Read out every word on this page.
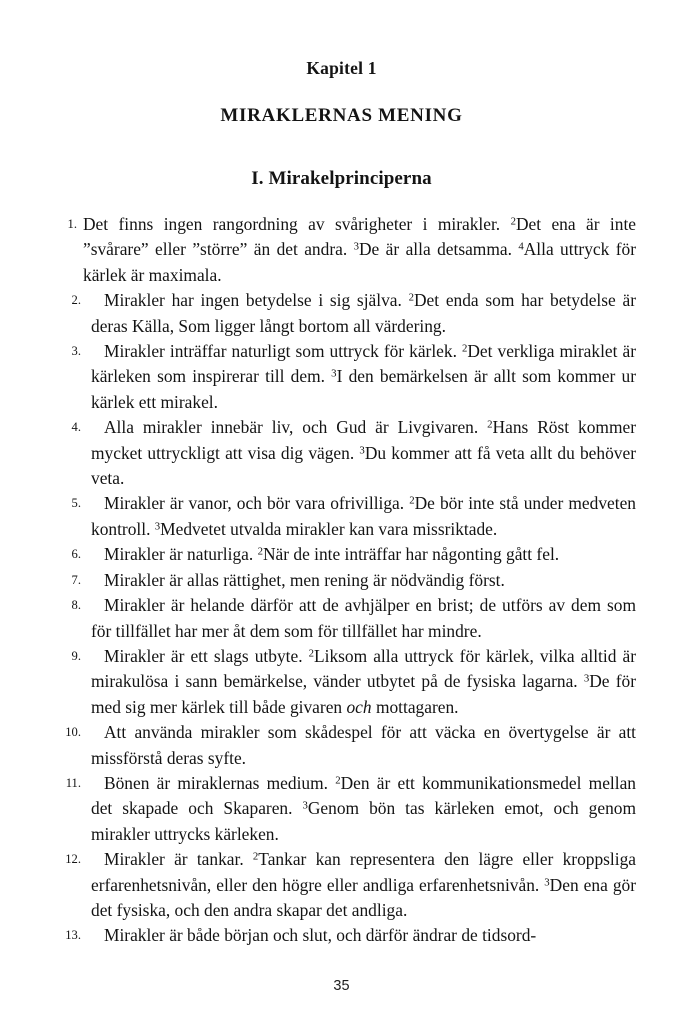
Kapitel 1
MIRAKLERNAS MENING
I. Mirakelprinciperna
1. Det finns ingen rangordning av svårigheter i mirakler. $^2$Det ena är inte ”svårare” eller ”större” än det andra. $^3$De är alla detsamma. $^4$Alla uttryck för kärlek är maximala.

2.	Mirakler har ingen betydelse i sig själva. $^2$Det enda som har betydelse är deras Källa, Som ligger långt bortom all värdering.

3.	Mirakler inträffar naturligt som uttryck för kärlek. $^2$Det verkliga miraklet är kärleken som inspirerar till dem. $^3$I den bemärkelsen är allt som kommer ur kärlek ett mirakel.

4.	Alla mirakler innebär liv, och Gud är Livgivaren. $^2$Hans Röst kommer mycket uttryckligt att visa dig vägen. $^3$Du kommer att få veta allt du behöver veta.

5.	Mirakler är vanor, och bör vara ofrivilliga. $^2$De bör inte stå under medveten kontroll. $^3$Medvetet utvalda mirakler kan vara missriktade.

6.	Mirakler är naturliga. $^2$När de inte inträffar har någonting gått fel.

7.	Mirakler är allas rättighet, men rening är nödvändig först.

8.	Mirakler är helande därför att de avhjälper en brist; de utförs av dem som för tillfället har mer åt dem som för tillfället har mindre.

9.	Mirakler är ett slags utbyte. $^2$Liksom alla uttryck för kärlek, vilka alltid är mirakulösa i sann bemärkelse, vänder utbytet på de fysiska lagarna. $^3$De för med sig mer kärlek till både givaren och mottagaren.

10.	Att använda mirakler som skådespel för att väcka en övertygelse är att missförstå deras syfte.

11.	Bönen är miraklernas medium. $^2$Den är ett kommunikationsmedel mellan det skapade och Skaparen. $^3$Genom bön tas kärleken emot, och genom mirakler uttrycks kärleken.

12.	Mirakler är tankar. $^2$Tankar kan representera den lägre eller kroppsliga erfarenhetsnivån, eller den högre eller andliga erfarenhetsnivån. $^3$Den ena gör det fysiska, och den andra skapar det andliga.

13.	Mirakler är både början och slut, och därför ändrar de tidsord-

35
